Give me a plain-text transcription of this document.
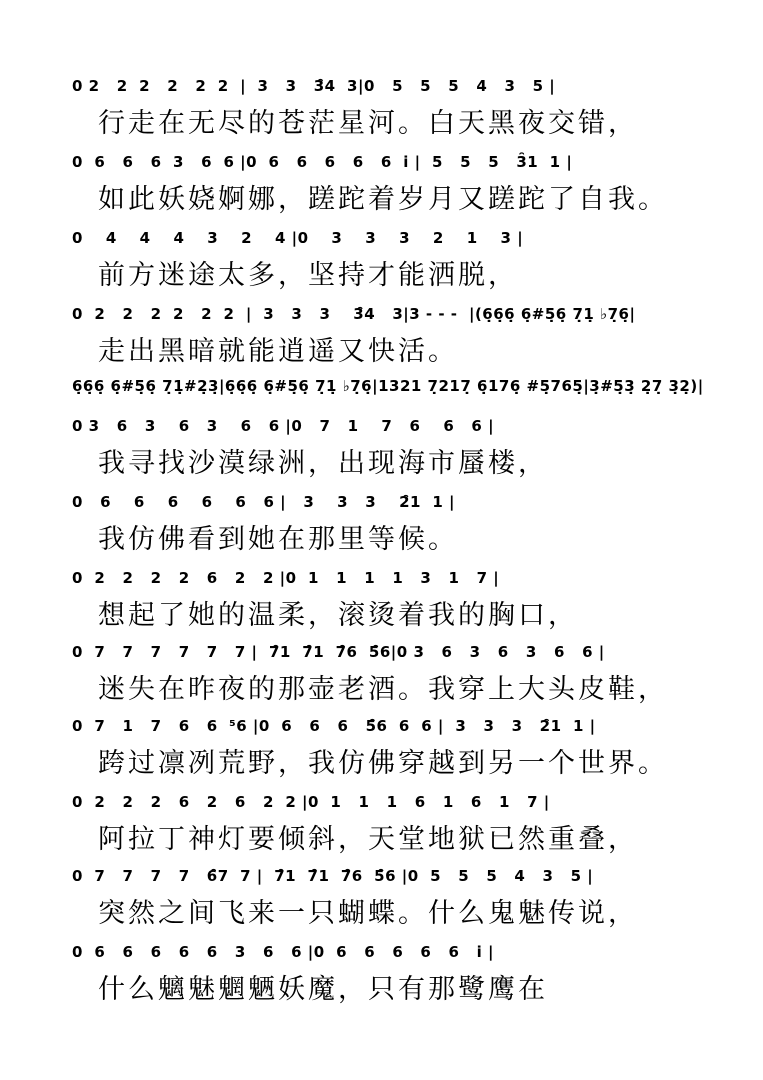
0 2   2  2   2   2  2  |  3   3   3̑4  3|0   5   5   5   4   3   5 |
行走在无尽的苍茫星河。白天黑夜交错，
0  6   6   6  3   6  6 |0  6   6   6   6   6  i |  5   5   5   3̑1  1 |
如此妖娆婀娜，蹉跎着岁月又蹉跎了自我。
0    4    4    4    3    2    4 |0    3    3    3    2    1    3 |
前方迷途太多，坚持才能洒脱，
0  2   2   2  2   2  2  |  3   3   3    3̑4   3|3 - - -  |(6̣6̣6̣ 6̣#5̣6̣ 7̣1̣ ♭7̣6̣|
走出黑暗就能逍遥又快活。
6̣6̣6̣ 6̣#5̣6̣ 7̣1̣#2̣3̣|6̣6̣6̣ 6̣#5̣6̣ 7̣1̣ ♭7̣6̣|1321 7̣217̣ 6̣176̣ #5̣765̣|3̣#5̣3̣ 2̣7̣ 3̣2̣)|
0 3   6   3    6   3    6   6 |0   7   1    7   6    6   6 |
我寻找沙漠绿洲，出现海市蜃楼，
0   6    6    6    6    6   6 |   3    3   3    2̑1  1 |
我仿佛看到她在那里等候。
0  2   2   2   2   6   2   2 |0  1   1   1   1   3   1   7 |
想起了她的温柔，滚烫着我的胸口，
0  7   7   7   7   7   7 |  7̑1  7̑1  7̑6  5̑6|0 3   6   3   6   3   6   6 |
迷失在昨夜的那壶老酒。我穿上大头皮鞋，
0  7   1   7   6   6  ⁵6 |0  6   6   6   5̑6  6  6 |  3   3   3   2̑1  1 |
跨过凛冽荒野，我仿佛穿越到另一个世界。
0  2   2   2   6   2   6   2  2 |0  1   1   1   6   1   6   1   7 |
阿拉丁神灯要倾斜，天堂地狱已然重叠，
0  7   7   7   7   6̑7  7 |  7̑1  7̑1  7̑6  5̑6 |0  5   5   5   4   3   5 |
突然之间飞来一只蝴蝶。什么鬼魅传说，
0  6   6   6   6   6   3   6   6 |0  6   6   6   6   6   i |
什么魑魅魍魉妖魔，只有那鹭鹰在
